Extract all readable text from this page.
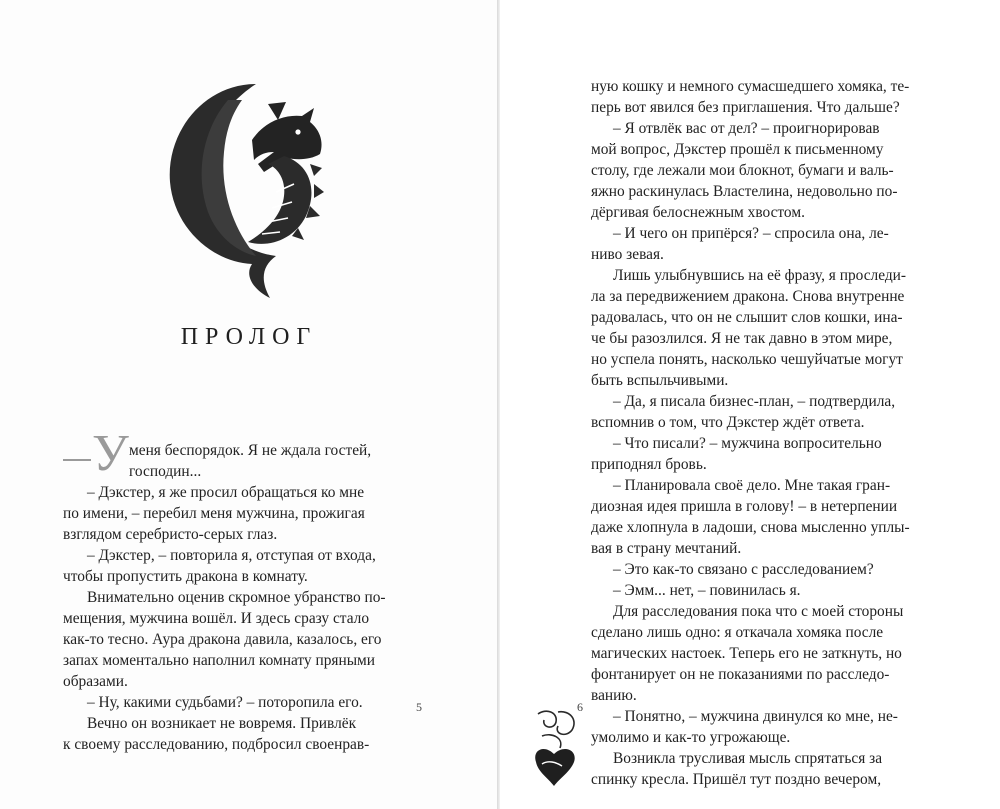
ПРОЛОГ
У меня беспорядок. Я не ждала гостей,
господин...
– Дэкстер, я же просил обращаться ко мне
по имени, – перебил меня мужчина, прожигая
взглядом серебристо-серых глаз.
– Дэкстер, – повторила я, отступая от входа,
чтобы пропустить дракона в комнату.
Внимательно оценив скромное убранство по-
мещения, мужчина вошёл. И здесь сразу стало
как-то тесно. Аура дракона давила, казалось, его
запах моментально наполнил комнату пряными
образами.
– Ну, какими судьбами? – поторопила его.
Вечно он возникает не вовремя. Привлёк
к своему расследованию, подбросил своенрав-
5
ную кошку и немного сумасшедшего хомяка, те-
перь вот явился без приглашения. Что дальше?
– Я отвлёк вас от дел? – проигнорировав
мой вопрос, Дэкстер прошёл к письменному
столу, где лежали мои блокнот, бумаги и валь-
яжно раскинулась Властелина, недовольно по-
дёргивая белоснежным хвостом.
– И чего он припёрся? – спросила она, ле-
ниво зевая.
Лишь улыбнувшись на её фразу, я проследи-
ла за передвижением дракона. Снова внутренне
радовалась, что он не слышит слов кошки, ина-
че бы разозлился. Я не так давно в этом мире,
но успела понять, насколько чешуйчатые могут
быть вспыльчивыми.
– Да, я писала бизнес-план, – подтвердила,
вспомнив о том, что Дэкстер ждёт ответа.
– Что писали? – мужчина вопросительно
приподнял бровь.
– Планировала своё дело. Мне такая гран-
диозная идея пришла в голову! – в нетерпении
даже хлопнула в ладоши, снова мысленно уплы-
вая в страну мечтаний.
– Это как-то связано с расследованием?
– Эмм... нет, – повинилась я.
Для расследования пока что с моей стороны
сделано лишь одно: я откачала хомяка после
магических настоек. Теперь его не заткнуть, но
фонтанирует он не показаниями по расследо-
ванию.
– Понятно, – мужчина двинулся ко мне, не-
умолимо и как-то угрожающе.
Возникла трусливая мысль спрятаться за
спинку кресла. Пришёл тут поздно вечером,
6
